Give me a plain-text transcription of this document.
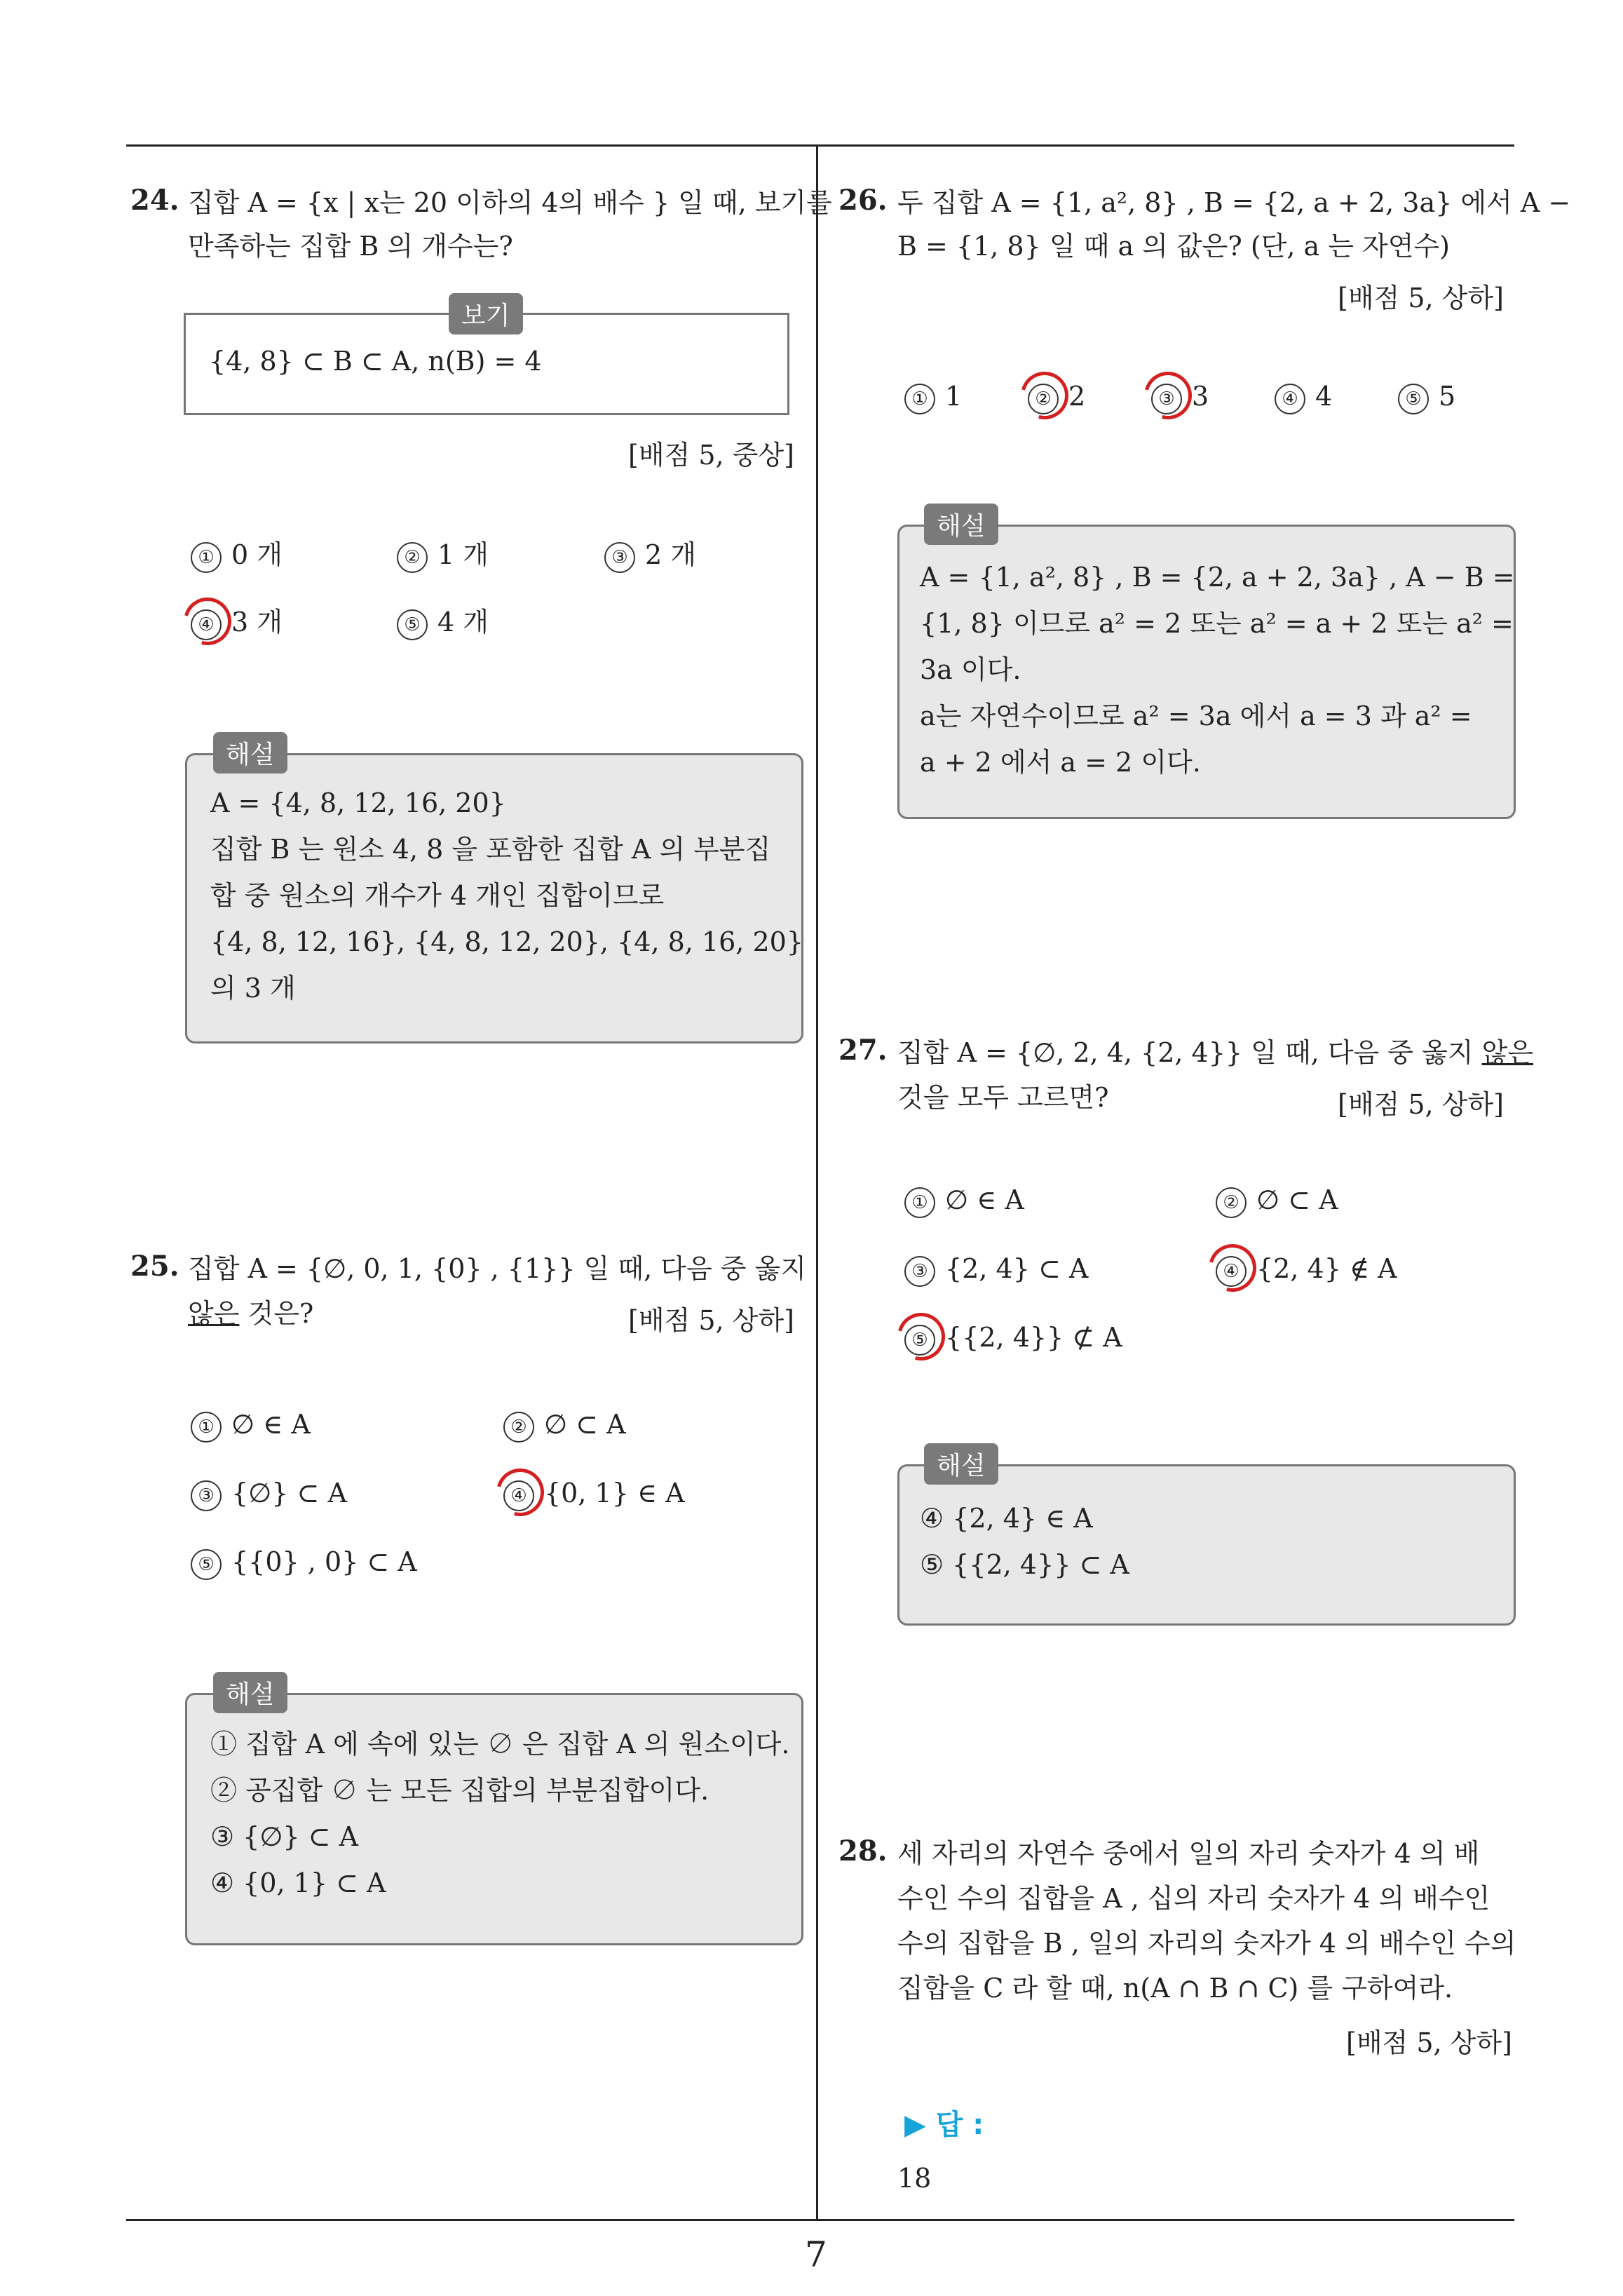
24. 집합 A = {x | x는 20 이하의 4의 배수 } 일 때, 보기를
만족하는 집합 B 의 개수는?
보기
{4, 8} ⊂ B ⊂ A, n(B) = 4
[배점 5, 중상]
① 0 개	② 1 개	③ 2 개
④ 3 개	⑤ 4 개
해설
A = {4, 8, 12, 16, 20}
집합 B 는 원소 4, 8 을 포함한 집합 A 의 부분집
합 중 원소의 개수가 4 개인 집합이므로
{4, 8, 12, 16}, {4, 8, 12, 20}, {4, 8, 16, 20}
의 3 개
25. 집합 A = {∅, 0, 1, {0} , {1}} 일 때, 다음 중 옳지
않은 것은?	[배점 5, 상하]
① ∅ ∈ A	② ∅ ⊂ A
③ {∅} ⊂ A	④ {0, 1} ∈ A
⑤ {{0} , 0} ⊂ A
해설
① 집합 A 에 속에 있는 ∅ 은 집합 A 의 원소이다.
② 공집합 ∅ 는 모든 집합의 부분집합이다.
③ {∅} ⊂ A
④ {0, 1} ⊂ A
26. 두 집합 A = {1, a², 8} , B = {2, a + 2, 3a} 에서 A −
B = {1, 8} 일 때 a 의 값은? (단, a 는 자연수)
[배점 5, 상하]
① 1	② 2	③ 3	④ 4	⑤ 5
해설
A = {1, a², 8} , B = {2, a + 2, 3a} , A − B =
{1, 8} 이므로 a² = 2 또는 a² = a + 2 또는 a² =
3a 이다.
a는 자연수이므로 a² = 3a 에서 a = 3 과 a² =
a + 2 에서 a = 2 이다.
27. 집합 A = {∅, 2, 4, {2, 4}} 일 때, 다음 중 옳지 않은
것을 모두 고르면?	[배점 5, 상하]
① ∅ ∈ A	② ∅ ⊂ A
③ {2, 4} ⊂ A	④ {2, 4} ∉ A
⑤ {{2, 4}} ⊄ A
해설
④ {2, 4} ∈ A
⑤ {{2, 4}} ⊂ A
28. 세 자리의 자연수 중에서 일의 자리 숫자가 4 의 배
수인 수의 집합을 A , 십의 자리 숫자가 4 의 배수인
수의 집합을 B , 일의 자리의 숫자가 4 의 배수인 수의
집합을 C 라 할 때, n(A ∩ B ∩ C) 를 구하여라.
[배점 5, 상하]
▶ 답 :
18
7
